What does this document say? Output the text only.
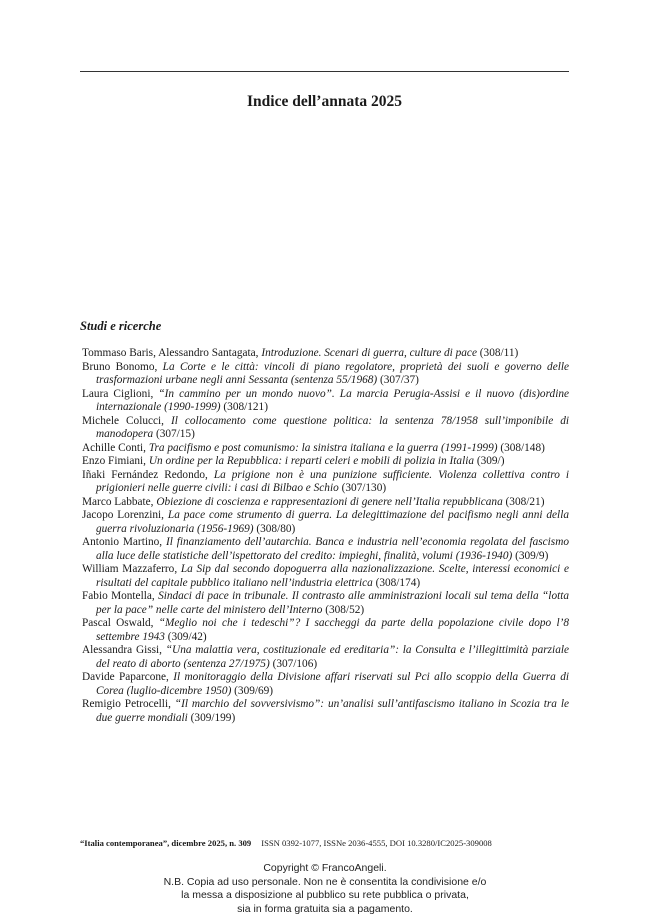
Indice dell’annata 2025
Studi e ricerche

Tommaso Baris, Alessandro Santagata, Introduzione. Scenari di guerra, culture di pace (308/11)

Bruno Bonomo, La Corte e le città: vincoli di piano regolatore, proprietà dei suoli e governo delle trasformazioni urbane negli anni Sessanta (sentenza 55/1968) (307/37)

Laura Ciglioni, “In cammino per un mondo nuovo”. La marcia Perugia-Assisi e il nuovo (dis)ordine internazionale (1990-1999) (308/121)

Michele Colucci, Il collocamento come questione politica: la sentenza 78/1958 sull’imponibile di manodopera (307/15)

Achille Conti, Tra pacifismo e post comunismo: la sinistra italiana e la guerra (1991-1999) (308/148)

Enzo Fimiani, Un ordine per la Repubblica: i reparti celeri e mobili di polizia in Italia (309/)

Iñaki Fernández Redondo, La prigione non è una punizione sufficiente. Violenza collettiva contro i prigionieri nelle guerre civili: i casi di Bilbao e Schio (307/130)

Marco Labbate, Obiezione di coscienza e rappresentazioni di genere nell’Italia repubblicana (308/21)

Jacopo Lorenzini, La pace come strumento di guerra. La delegittimazione del pacifismo negli anni della guerra rivoluzionaria (1956-1969) (308/80)

Antonio Martino, Il finanziamento dell’autarchia. Banca e industria nell’economia regolata del fascismo alla luce delle statistiche dell’ispettorato del credito: impieghi, finalità, volumi (1936-1940) (309/9)

William Mazzaferro, La Sip dal secondo dopoguerra alla nazionalizzazione. Scelte, interessi economici e risultati del capitale pubblico italiano nell’industria elettrica (308/174)

Fabio Montella, Sindaci di pace in tribunale. Il contrasto alle amministrazioni locali sul tema della “lotta per la pace” nelle carte del ministero dell’Interno (308/52)

Pascal Oswald, “Meglio noi che i tedeschi”? I saccheggi da parte della popolazione civile dopo l’8 settembre 1943 (309/42)

Alessandra Gissi, “Una malattia vera, costituzionale ed ereditaria”: la Consulta e l’illegittimità parziale del reato di aborto (sentenza 27/1975) (307/106)

Davide Paparcone, Il monitoraggio della Divisione affari riservati sul Pci allo scoppio della Guerra di Corea (luglio-dicembre 1950) (309/69)

Remigio Petrocelli, “Il marchio del sovversivismo”: un’analisi sull’antifascismo italiano in Scozia tra le due guerre mondiali (309/199)

“Italia contemporanea”, dicembre 2025, n. 309 ISSN 0392-1077, ISSNe 2036-4555, DOI 10.3280/IC2025-309008
Copyright © FrancoAngeli.
N.B. Copia ad uso personale. Non ne è consentita la condivisione e/o
la messa a disposizione al pubblico su rete pubblica o privata,
sia in forma gratuita sia a pagamento.
